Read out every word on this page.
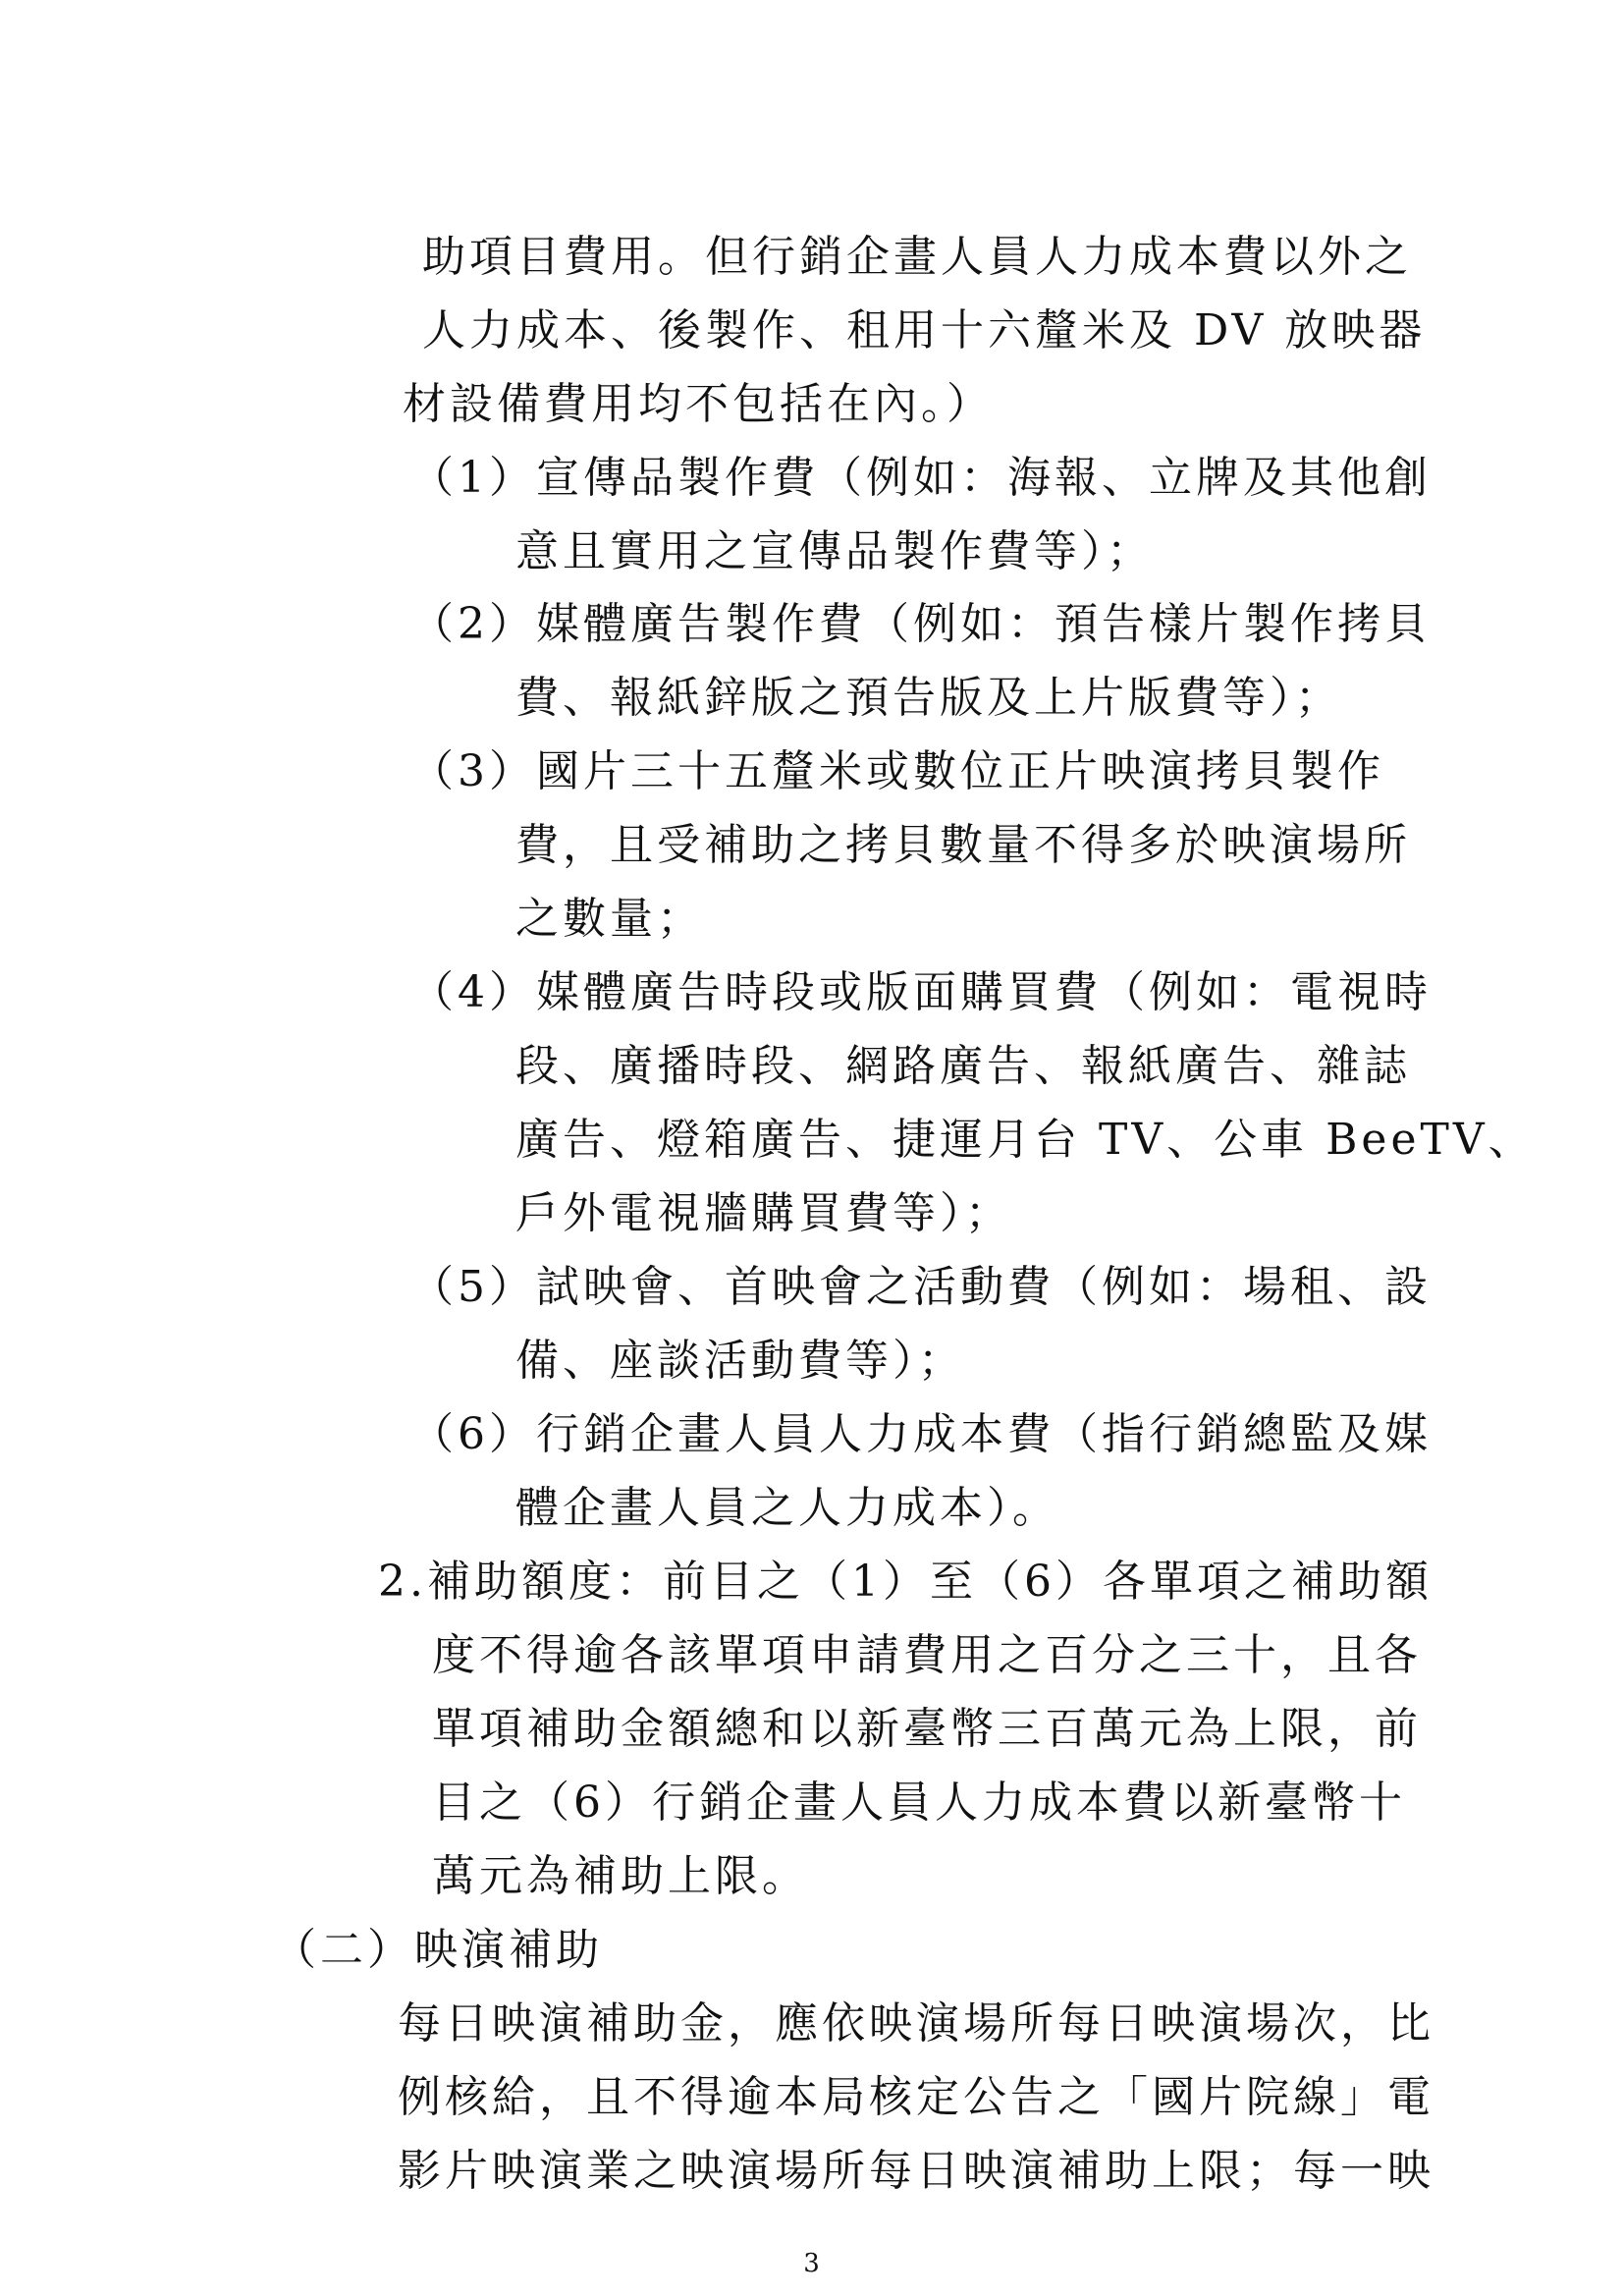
助項目費用。但行銷企畫人員人力成本費以外之
人力成本、後製作、租用十六釐米及 DV 放映器
材設備費用均不包括在內。）
（1）宣傳品製作費（例如：海報、立牌及其他創
意且實用之宣傳品製作費等）；
（2）媒體廣告製作費（例如：預告樣片製作拷貝
費、報紙鋅版之預告版及上片版費等）；
（3）國片三十五釐米或數位正片映演拷貝製作
費，且受補助之拷貝數量不得多於映演場所
之數量；
（4）媒體廣告時段或版面購買費（例如：電視時
段、廣播時段、網路廣告、報紙廣告、雜誌
廣告、燈箱廣告、捷運月台 TV、公車 BeeTV、
戶外電視牆購買費等）；
（5）試映會、首映會之活動費（例如：場租、設
備、座談活動費等）；
（6）行銷企畫人員人力成本費（指行銷總監及媒
體企畫人員之人力成本）。
2.補助額度：前目之（1）至（6）各單項之補助額
度不得逾各該單項申請費用之百分之三十，且各
單項補助金額總和以新臺幣三百萬元為上限，前
目之（6）行銷企畫人員人力成本費以新臺幣十
萬元為補助上限。
（二）映演補助
每日映演補助金，應依映演場所每日映演場次，比
例核給，且不得逾本局核定公告之「國片院線」電
影片映演業之映演場所每日映演補助上限；每一映
3
